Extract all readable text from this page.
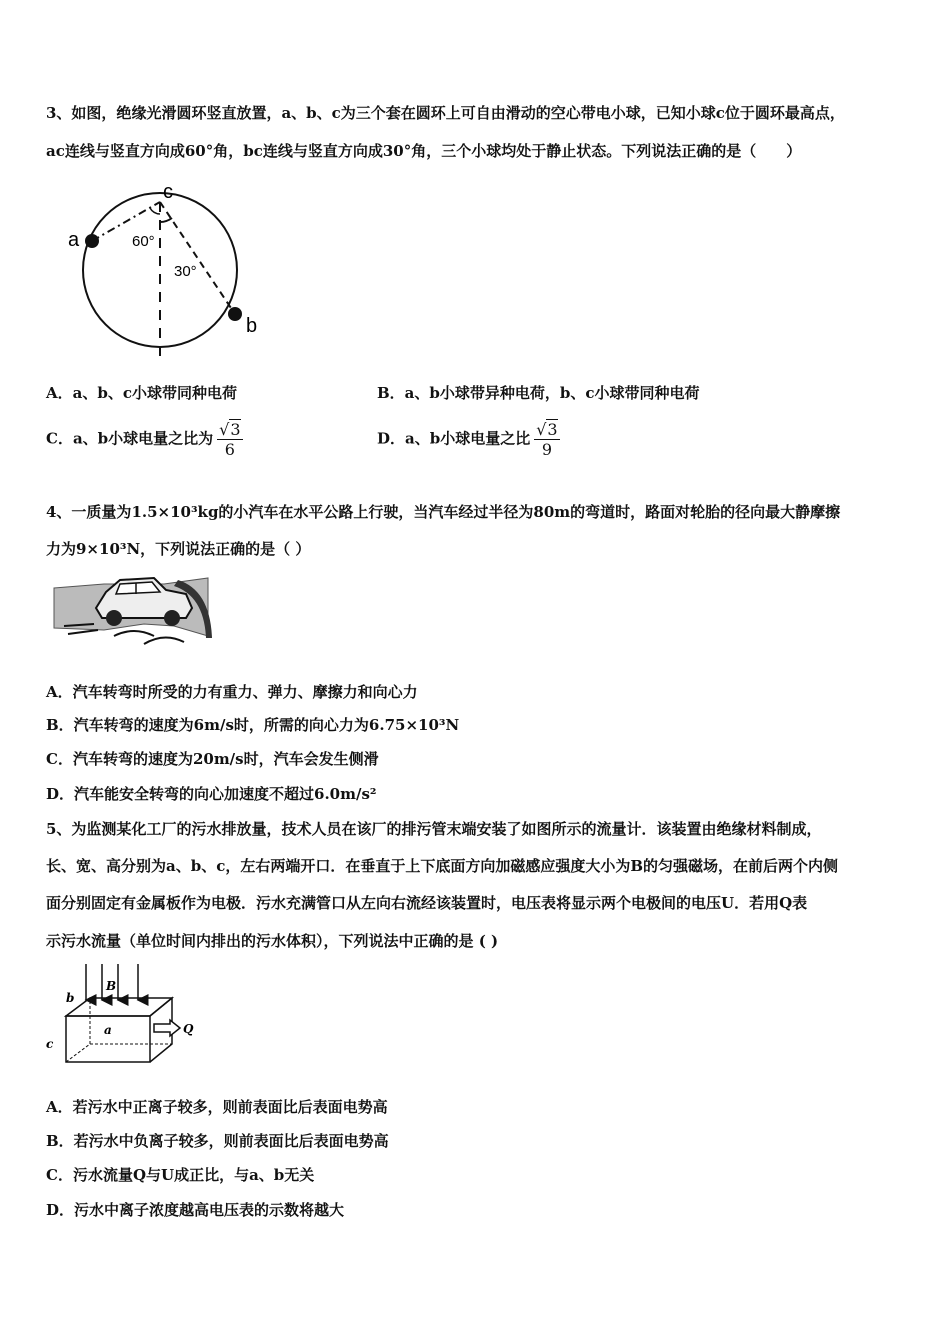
3、如图，绝缘光滑圆环竖直放置，a、b、c为三个套在圆环上可自由滑动的空心带电小球，已知小球c位于圆环最高点，
ac连线与竖直方向成60°角，bc连线与竖直方向成30°角，三个小球均处于静止状态。下列说法正确的是（　　）
a
b
c
60°
30°
A．a、b、c小球带同种电荷	B．a、b小球带异种电荷，b、c小球带同种电荷
C．a、b小球电量之比为 $\frac{√3}{6}$	D．a、b小球电量之比 $\frac{√3}{9}$
4、一质量为1.5×10³kg的小汽车在水平公路上行驶，当汽车经过半径为80m的弯道时，路面对轮胎的径向最大静摩擦
力为9×10³N，下列说法正确的是（ ）
A．汽车转弯时所受的力有重力、弹力、摩擦力和向心力
B．汽车转弯的速度为6m/s时，所需的向心力为6.75×10³N
C．汽车转弯的速度为20m/s时，汽车会发生侧滑
D．汽车能安全转弯的向心加速度不超过6.0m/s²
5、为监测某化工厂的污水排放量，技术人员在该厂的排污管末端安装了如图所示的流量计．该装置由绝缘材料制成，
长、宽、高分别为a、b、c，左右两端开口．在垂直于上下底面方向加磁感应强度大小为B的匀强磁场，在前后两个内侧
面分别固定有金属板作为电极．污水充满管口从左向右流经该装置时，电压表将显示两个电极间的电压U．若用Q表
示污水流量（单位时间内排出的污水体积），下列说法中正确的是 ( )
B
b
a
c
Q
A．若污水中正离子较多，则前表面比后表面电势高
B．若污水中负离子较多，则前表面比后表面电势高
C．污水流量Q与U成正比，与a、b无关
D．污水中离子浓度越高电压表的示数将越大
